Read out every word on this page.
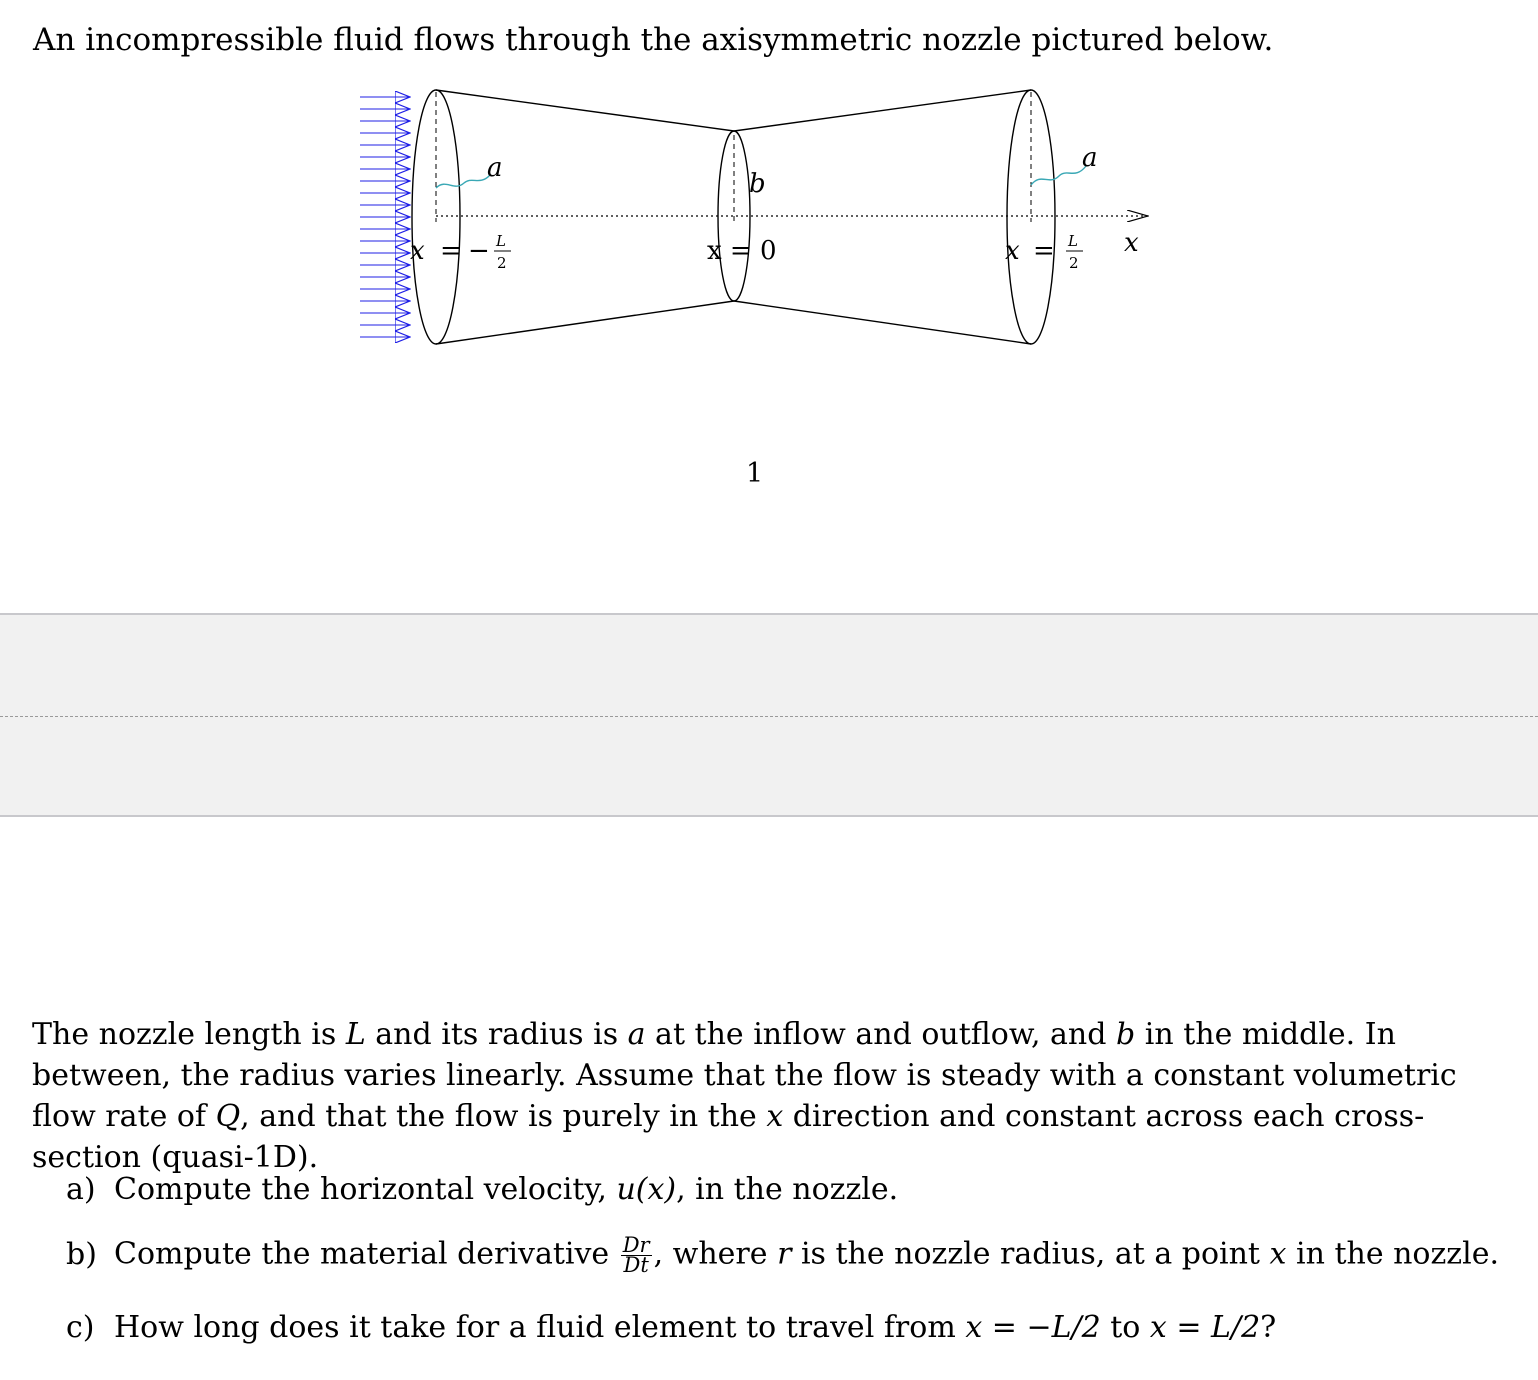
An incompressible fluid flows through the axisymmetric nozzle pictured below.
a	a
b
x = − L
2	x = 0	x = L
2
x
1

The nozzle length is L and its radius is a at the inflow and outflow, and b in the middle. In between, the radius varies linearly. Assume that the flow is steady with a constant volumetric flow rate of Q, and that the flow is purely in the x direction and constant across each cross-section (quasi-1D).

a) Compute the horizontal velocity, u(x), in the nozzle.
b) Compute the material derivative $\frac{Dr}{Dt}$ , where r is the nozzle radius, at a point x in the nozzle.
c) How long does it take for a fluid element to travel from x = −L/2 to x = L/2?
